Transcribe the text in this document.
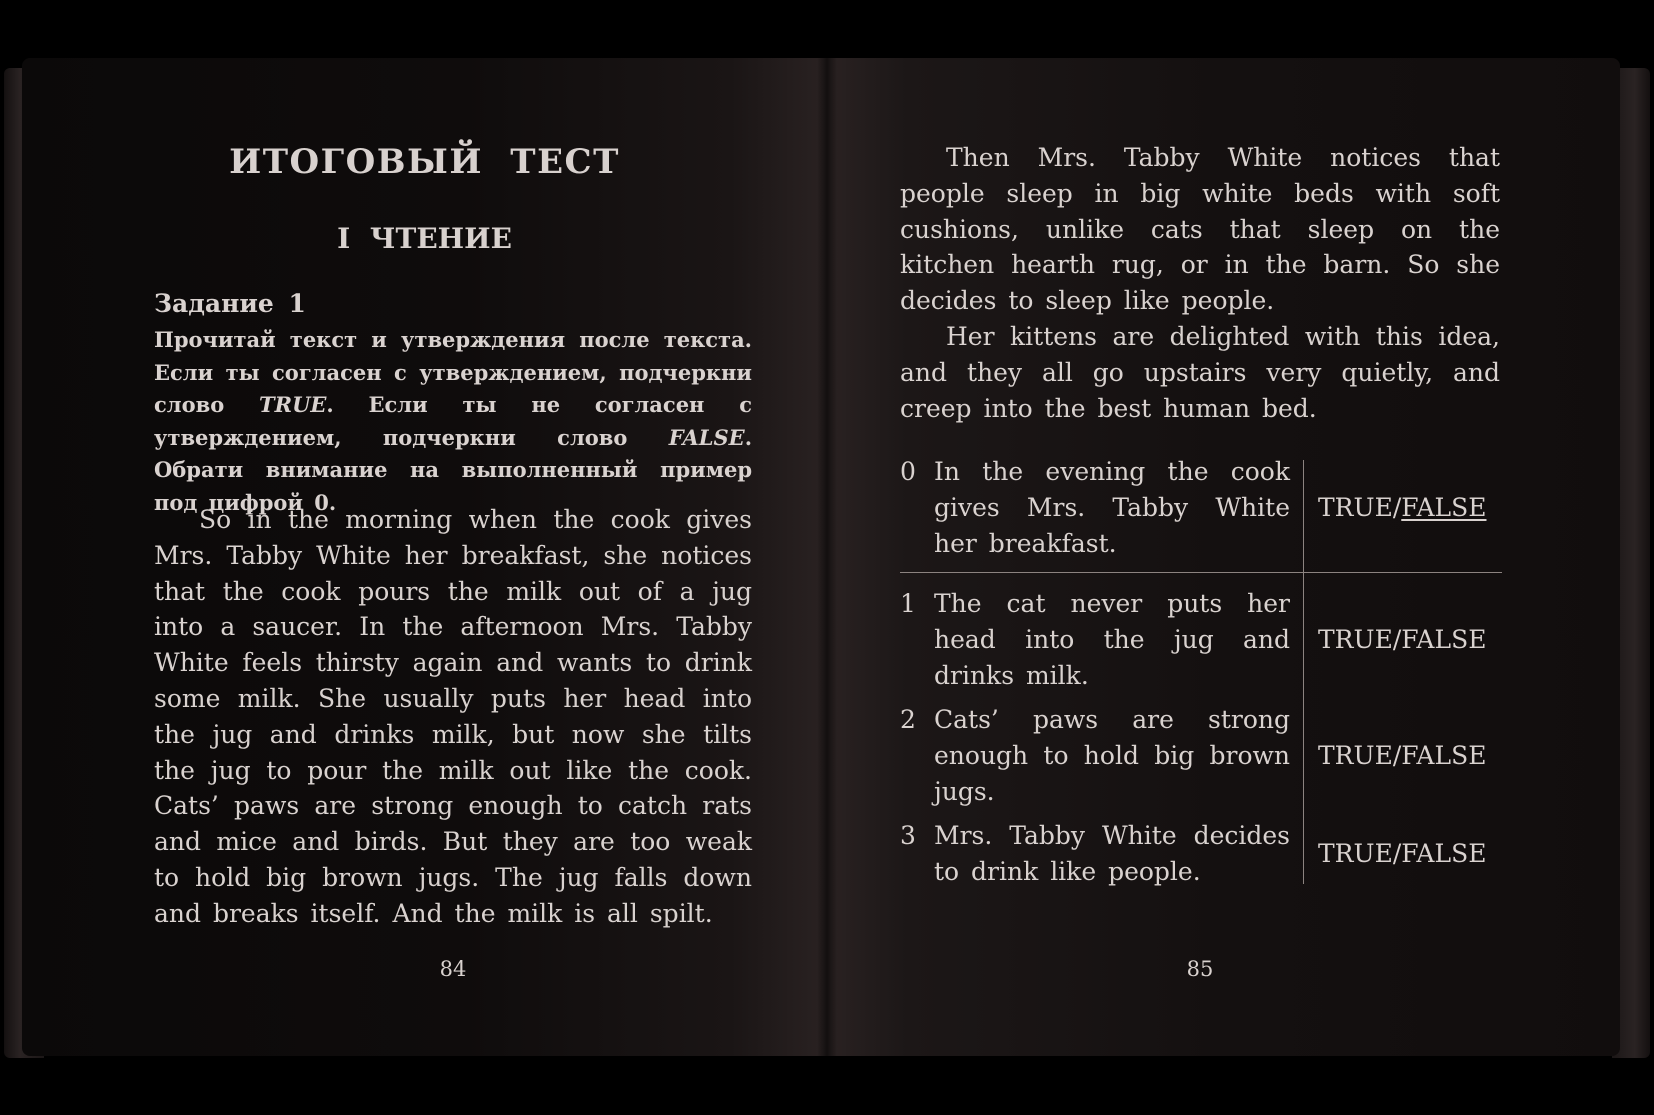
ИТОГОВЫЙ ТЕСТ
I ЧТЕНИЕ
Задание 1
Прочитай текст и утверждения после текста. Если ты согласен с утверждением, подчеркни слово TRUE. Если ты не согласен с утверждением, подчеркни слово FALSE. Обрати внимание на выполненный пример под цифрой 0.
So in the morning when the cook gives Mrs. Tabby White her breakfast, she notices that the cook pours the milk out of a jug into a saucer. In the afternoon Mrs. Tabby White feels thirsty again and wants to drink some milk. She usually puts her head into the jug and drinks milk, but now she tilts the jug to pour the milk out like the cook. Cats’ paws are strong enough to catch rats and mice and birds. But they are too weak to hold big brown jugs. The jug falls down and breaks itself. And the milk is all spilt.
84
Then Mrs. Tabby White notices that people sleep in big white beds with soft cushions, unlike cats that sleep on the kitchen hearth rug, or in the barn. So she decides to sleep like people.
Her kittens are delighted with this idea, and they all go upstairs very quietly, and creep into the best human bed.
0 In the evening the cook gives Mrs. Tabby White her breakfast.
TRUE/FALSE
1 The cat never puts her head into the jug and drinks milk.
TRUE/FALSE
2 Cats’ paws are strong enough to hold big brown jugs.
TRUE/FALSE
3 Mrs. Tabby White decides to drink like people.
TRUE/FALSE
85
